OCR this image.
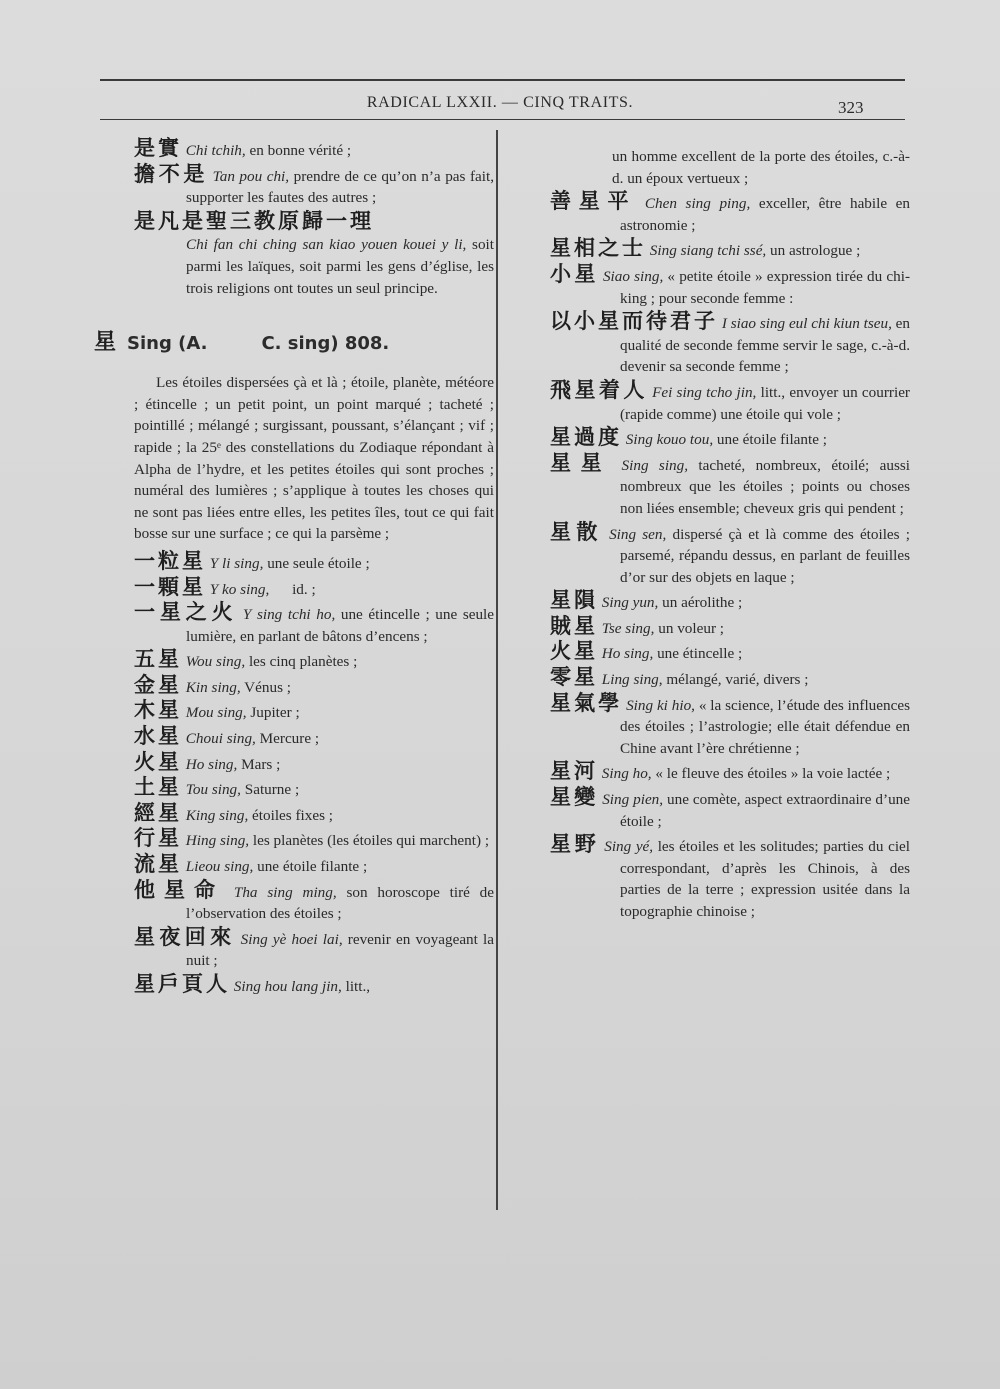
RADICAL LXXII. — CINQ TRAITS.	323
是實 Chi tchih, en bonne vérité ;
擔不是 Tan pou chi, prendre de ce qu’on n’a pas fait, supporter les fautes des autres ;
是凡是聖三教原歸一理
Chi fan chi ching san kiao youen kouei y li, soit parmi les laïques, soit parmi les gens d’église, les trois religions ont toutes un seul principe.
星 Sing (A.	C. sing) 808.
Les étoiles dispersées çà et là ; étoile, planète, météore ; étincelle ; un petit point, un point marqué ; tacheté ; pointillé ; mélangé ; surgissant, poussant, s’élançant ; vif ; rapide ; la 25ᵉ des constellations du Zodiaque répondant à Alpha de l’hydre, et les petites étoiles qui sont proches ; numéral des lumières ; s’applique à toutes les choses qui ne sont pas liées entre elles, les petites îles, tout ce qui fait bosse sur une surface ; ce qui la parsème ;
一粒星 Y li sing, une seule étoile ;
一顆星 Y ko sing,      id. ;
一星之火 Y sing tchi ho, une étincelle ; une seule lumière, en parlant de bâtons d’encens ;
五星 Wou sing, les cinq planètes ;
金星 Kin sing, Vénus ;
木星 Mou sing, Jupiter ;
水星 Choui sing, Mercure ;
火星 Ho sing, Mars ;
土星 Tou sing, Saturne ;
經星 King sing, étoiles fixes ;
行星 Hing sing, les planètes (les étoiles qui marchent) ;
流星 Lieou sing, une étoile filante ;
他星命 Tha sing ming, son horoscope tiré de l’observation des étoiles ;
星夜回來 Sing yè hoei lai, revenir en voyageant la nuit ;
星戶頁人 Sing hou lang jin, litt.,
un homme excellent de la porte des étoiles, c.-à-d. un époux vertueux ;
善星平 Chen sing ping, exceller, être habile en astronomie ;
星相之士 Sing siang tchi ssé, un astrologue ;
小星 Siao sing, « petite étoile » expression tirée du chi-king ; pour seconde femme :
以小星而待君子 I siao sing eul chi kiun tseu, en qualité de seconde femme servir le sage, c.-à-d. devenir sa seconde femme ;
飛星着人 Fei sing tcho jin, litt., envoyer un courrier (rapide comme) une étoile qui vole ;
星過度 Sing kouo tou, une étoile filante ;
星星 Sing sing, tacheté, nombreux, étoilé; aussi nombreux que les étoiles ; points ou choses non liées ensemble; cheveux gris qui pendent ;
星散 Sing sen, dispersé çà et là comme des étoiles ; parsemé, répandu dessus, en parlant de feuilles d’or sur des objets en laque ;
星隕 Sing yun, un aérolithe ;
賊星 Tse sing, un voleur ;
火星 Ho sing, une étincelle ;
零星 Ling sing, mélangé, varié, divers ;
星氣學 Sing ki hio, « la science, l’étude des influences des étoiles ; l’astrologie; elle était défendue en Chine avant l’ère chrétienne ;
星河 Sing ho, « le fleuve des étoiles » la voie lactée ;
星變 Sing pien, une comète, aspect extraordinaire d’une étoile ;
星野 Sing yé, les étoiles et les solitudes; parties du ciel correspondant, d’après les Chinois, à des parties de la terre ; expression usitée dans la topographie chinoise ;
